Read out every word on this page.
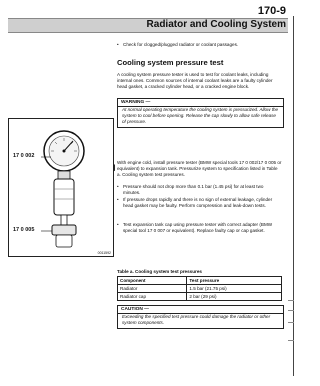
170-9
Radiator and Cooling System
• Check for clogged/plugged radiator or coolant passages.
Cooling system pressure test
A cooling system pressure tester is used to test for coolant leaks, including internal ones. Common sources of internal coolant leaks are a faulty cylinder head gasket, a cracked cylinder head, or a cracked engine block.
WARNING —
At normal operating temperature the cooling system is pressurized. Allow the system to cool before opening. Release the cap slowly to allow safe release of pressure.
With engine cold, install pressure tester (BMW special tools 17 0 002/17 0 005 or equivalent) to expansion tank. Pressurize system to specification listed in Table a. Cooling system test pressures.
• Pressure should not drop more than 0.1 bar (1.45 psi) for at least two minutes.
• If pressure drops rapidly and there is no sign of external leakage, cylinder head gasket may be faulty. Perform compression and leak-down tests.
• Test expansion tank cap using pressure tester with correct adapter (BMW special tool 17 0 007 or equivalent). Replace faulty cap or cap gasket.
17 0 002
17 0 005
0011592
Table a. Cooling system test pressures
Component	Test pressure
Radiator	1.5 bar (21.75 psi)
Radiator cap	2 bar (29 psi)
CAUTION —
Exceeding the specified test pressure could damage the radiator or other system components.
